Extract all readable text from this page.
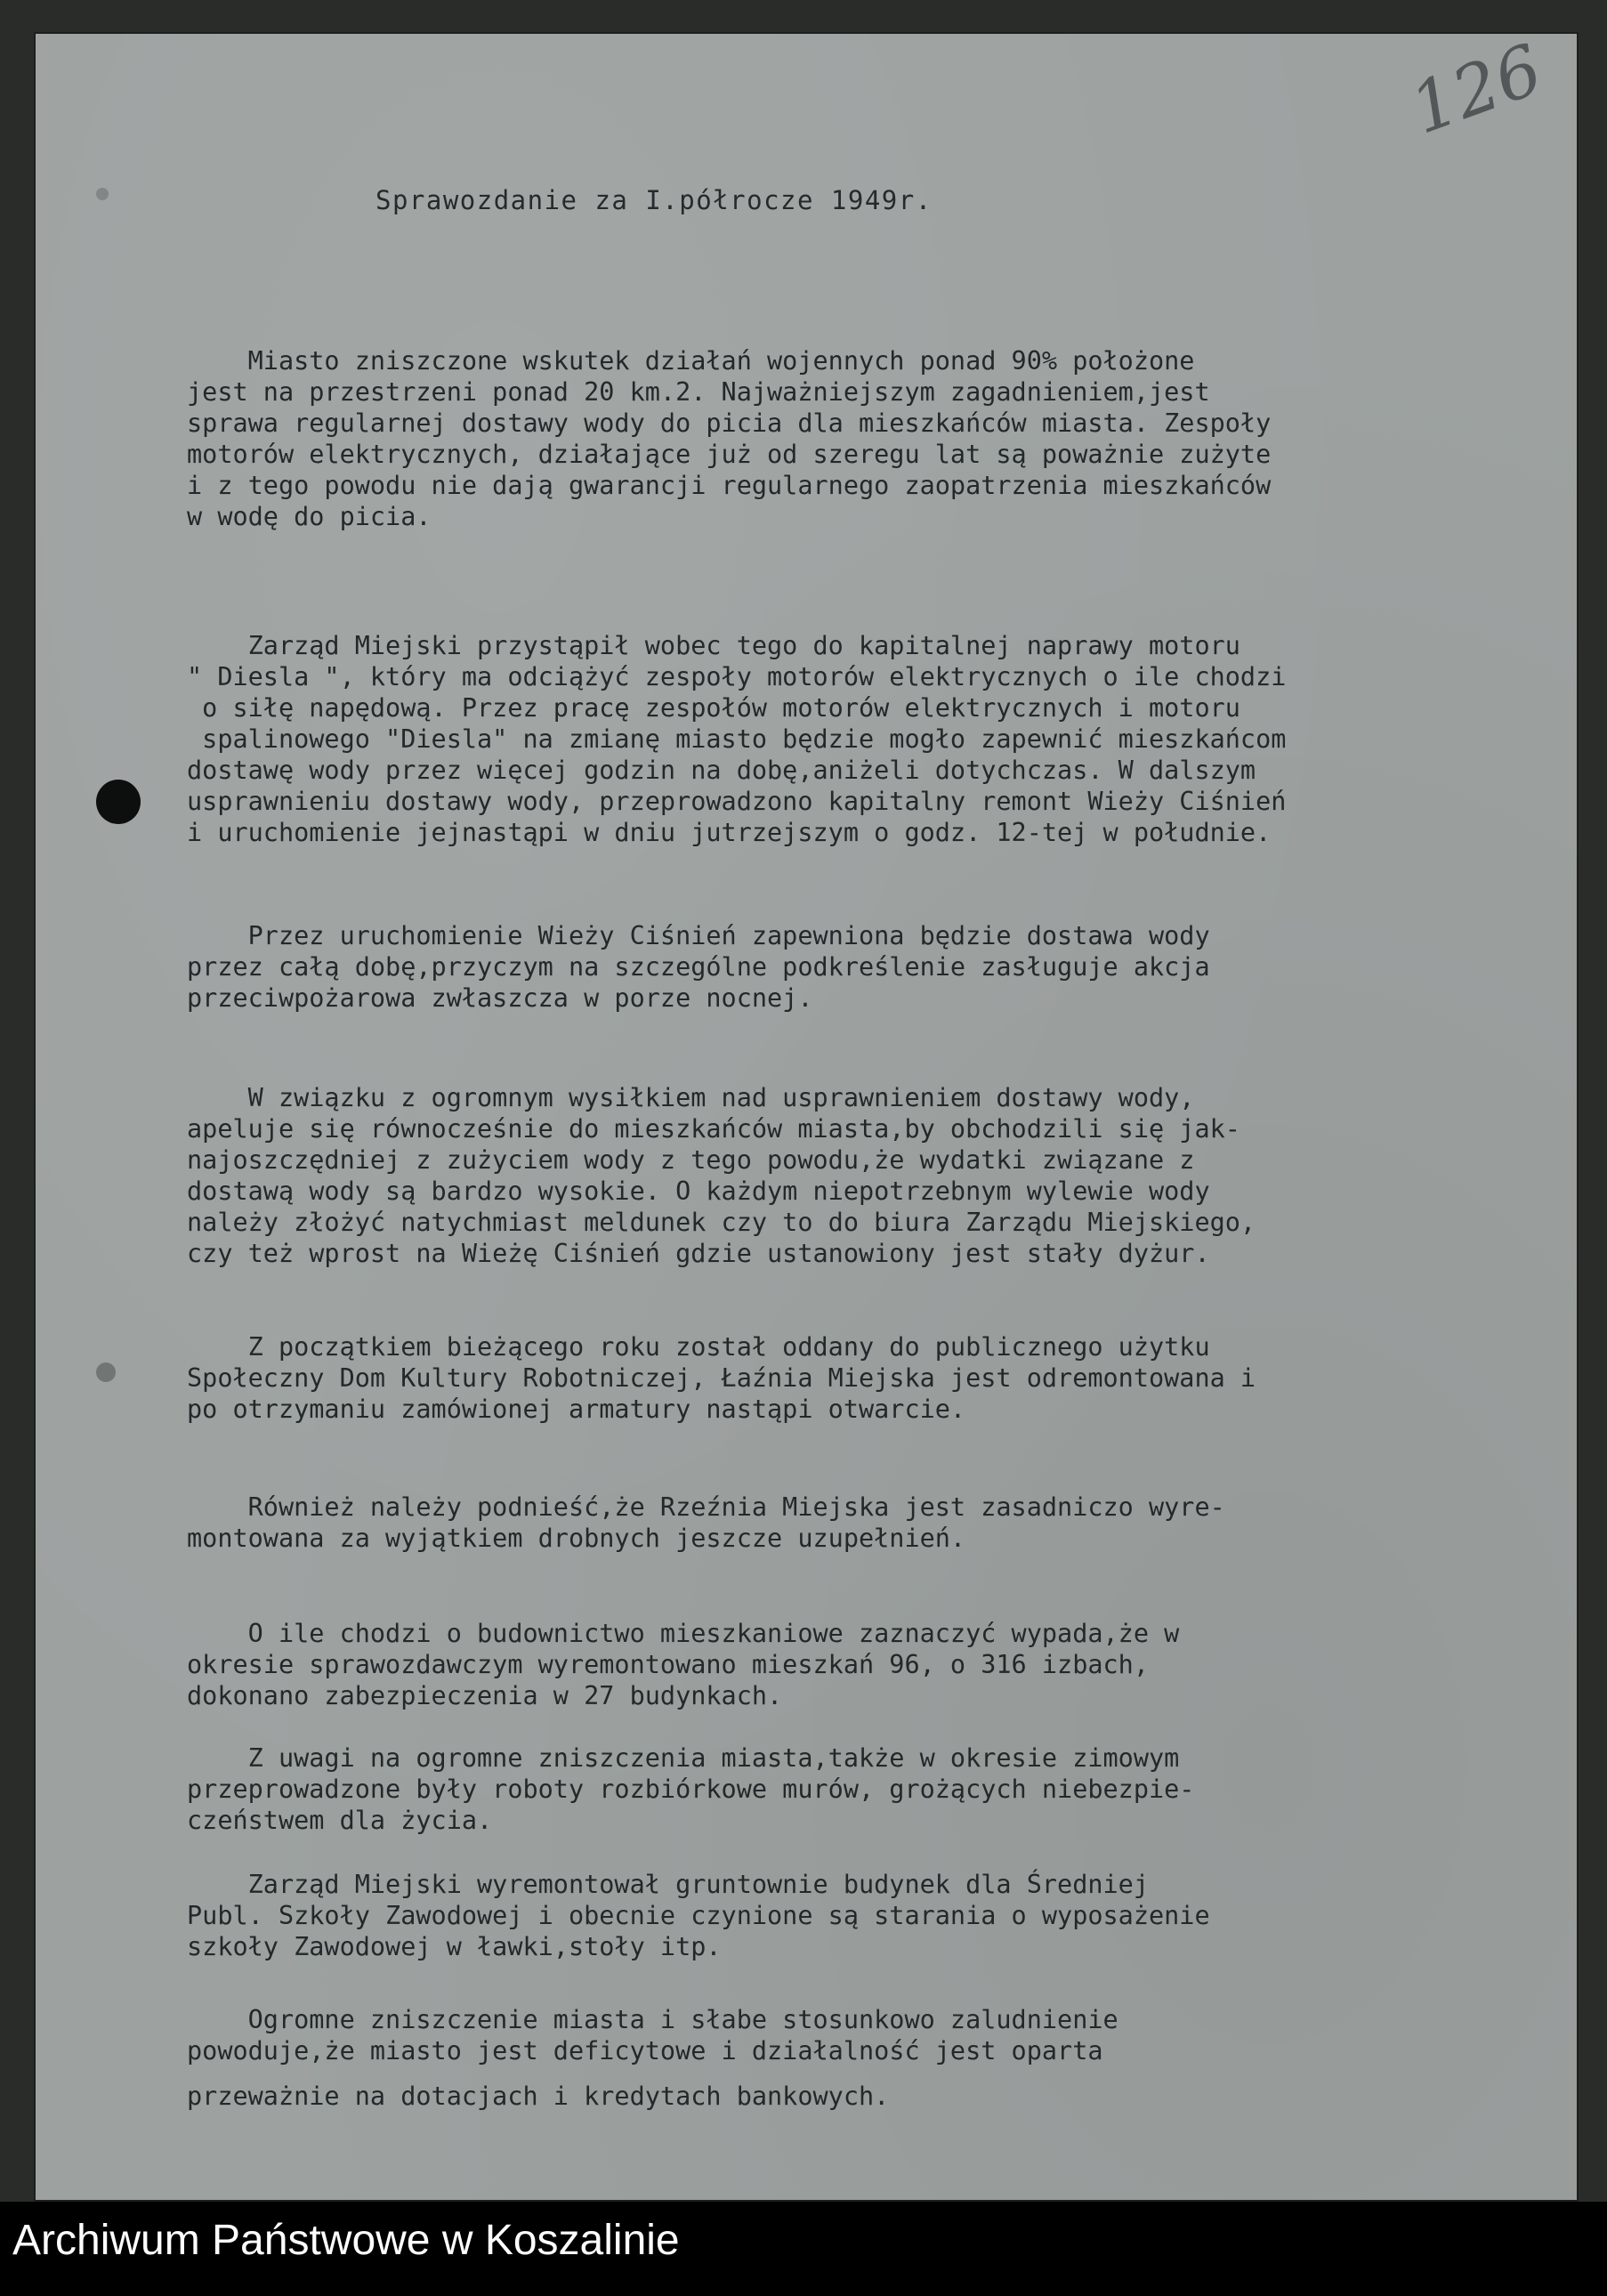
126
Sprawozdanie za I.półrocze 1949r.
Miasto zniszczone wskutek działań wojennych ponad 90% położone
jest na przestrzeni ponad 20 km.2. Najważniejszym zagadnieniem,jest
sprawa regularnej dostawy wody do picia dla mieszkańców miasta. Zespoły
motorów elektrycznych, działające już od szeregu lat są poważnie zużyte
i z tego powodu nie dają gwarancji regularnego zaopatrzenia mieszkańców
w wodę do picia.
Zarząd Miejski przystąpił wobec tego do kapitalnej naprawy motoru
" Diesla ", który ma odciążyć zespoły motorów elektrycznych o ile chodzi
o siłę napędową. Przez pracę zespołów motorów elektrycznych i motoru
spalinowego "Diesla" na zmianę miasto będzie mogło zapewnić mieszkańcom
dostawę wody przez więcej godzin na dobę,aniżeli dotychczas. W dalszym
usprawnieniu dostawy wody, przeprowadzono kapitalny remont Wieży Ciśnień
i uruchomienie jejnastąpi w dniu jutrzejszym o godz. 12-tej w południe.
Przez uruchomienie Wieży Ciśnień zapewniona będzie dostawa wody
przez całą dobę,przyczym na szczególne podkreślenie zasługuje akcja
przeciwpożarowa zwłaszcza w porze nocnej.
W związku z ogromnym wysiłkiem nad usprawnieniem dostawy wody,
apeluje się równocześnie do mieszkańców miasta,by obchodzili się jak-
najoszczędniej z zużyciem wody z tego powodu,że wydatki związane z
dostawą wody są bardzo wysokie. O każdym niepotrzebnym wylewie wody
należy złożyć natychmiast meldunek czy to do biura Zarządu Miejskiego,
czy też wprost na Wieżę Ciśnień gdzie ustanowiony jest stały dyżur.
Z początkiem bieżącego roku został oddany do publicznego użytku
Społeczny Dom Kultury Robotniczej, Łaźnia Miejska jest odremontowana i
po otrzymaniu zamówionej armatury nastąpi otwarcie.
Również należy podnieść,że Rzeźnia Miejska jest zasadniczo wyre-
montowana za wyjątkiem drobnych jeszcze uzupełnień.
O ile chodzi o budownictwo mieszkaniowe zaznaczyć wypada,że w
okresie sprawozdawczym wyremontowano mieszkań 96, o 316 izbach,
dokonano zabezpieczenia w 27 budynkach.
Z uwagi na ogromne zniszczenia miasta,także w okresie zimowym
przeprowadzone były roboty rozbiórkowe murów, grożących niebezpie-
czeństwem dla życia.
Zarząd Miejski wyremontował gruntownie budynek dla Średniej
Publ. Szkoły Zawodowej i obecnie czynione są starania o wyposażenie
szkoły Zawodowej w ławki,stoły itp.
Ogromne zniszczenie miasta i słabe stosunkowo zaludnienie
powoduje,że miasto jest deficytowe i działalność jest oparta
przeważnie na dotacjach i kredytach bankowych.
Archiwum Państwowe w Koszalinie
